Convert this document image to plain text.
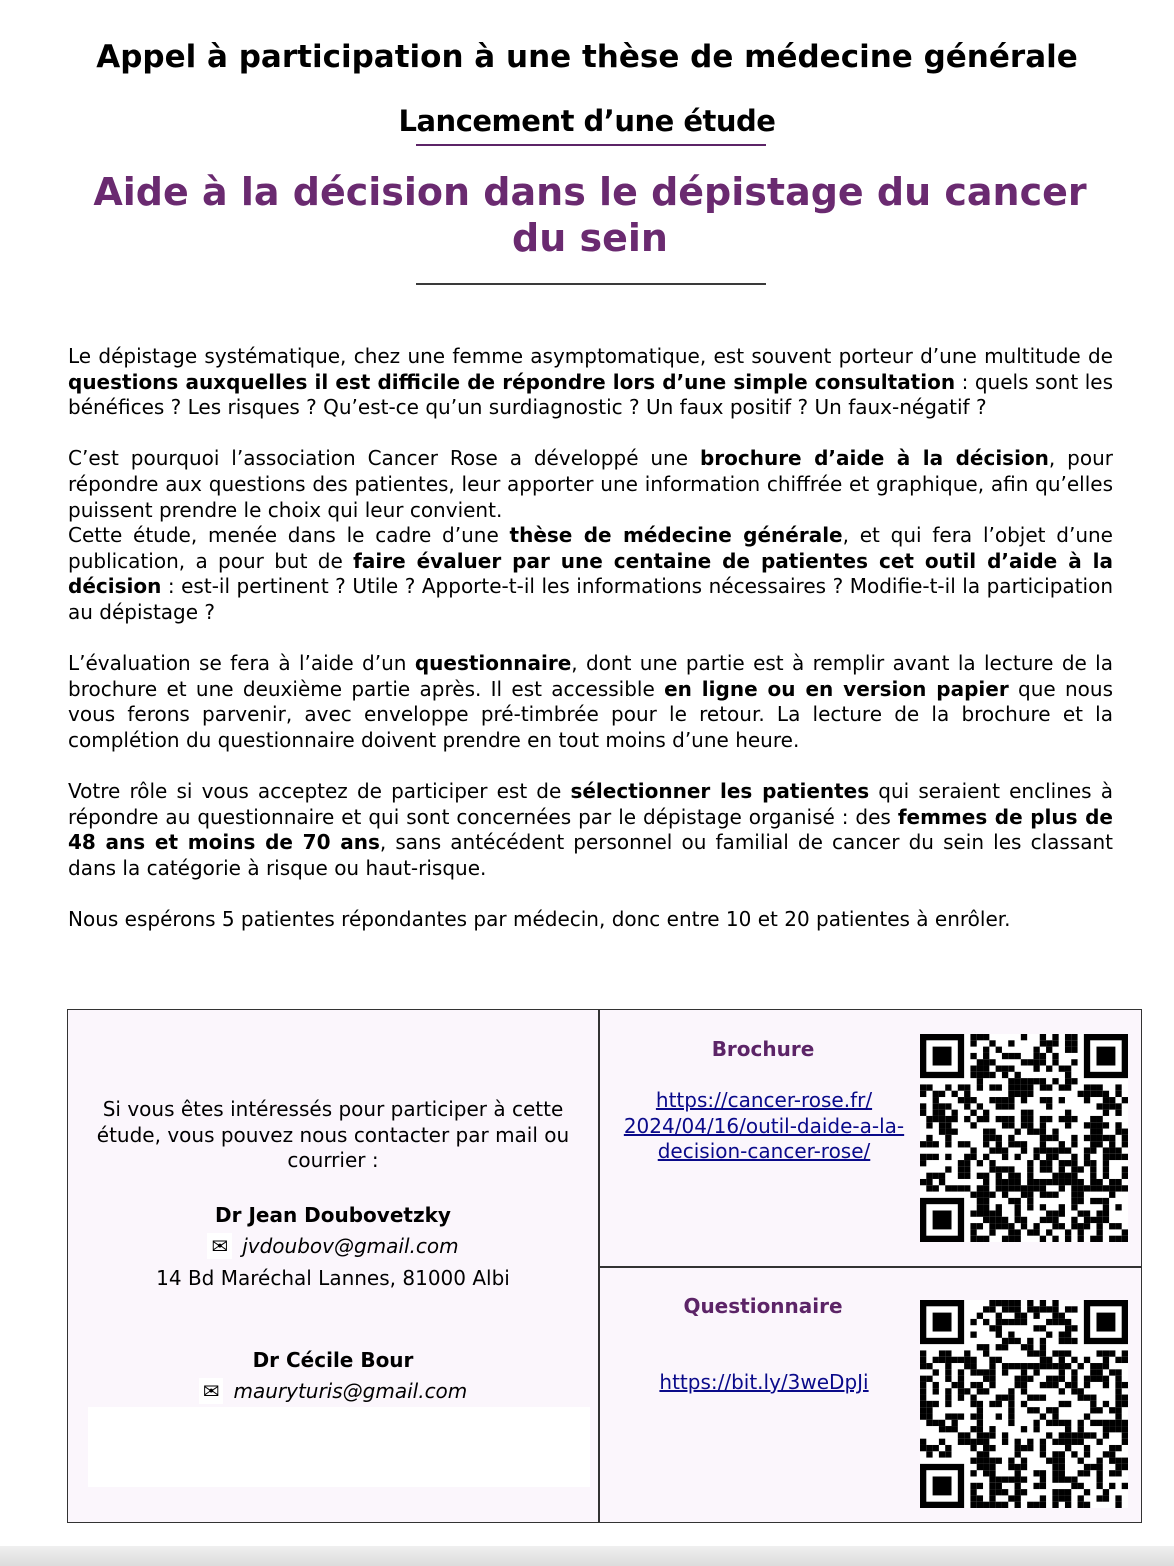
Appel à participation à une thèse de médecine générale
Lancement d’une étude
Aide à la décision dans le dépistage du cancer du sein

Le dépistage systématique, chez une femme asymptomatique, est souvent porteur d’une multitude de questions auxquelles il est difficile de répondre lors d’une simple consultation : quels sont les bénéfices ? Les risques ? Qu’est-ce qu’un surdiagnostic ? Un faux positif ? Un faux-négatif ?

C’est pourquoi l’association Cancer Rose a développé une brochure d’aide à la décision, pour répondre aux questions des patientes, leur apporter une information chiffrée et graphique, afin qu’elles puissent prendre le choix qui leur convient.

Cette étude, menée dans le cadre d’une thèse de médecine générale, et qui fera l’objet d’une publication, a pour but de faire évaluer par une centaine de patientes cet outil d’aide à la décision : est-il pertinent ? Utile ? Apporte-t-il les informations nécessaires ? Modifie-t-il la participation au dépistage ?

L’évaluation se fera à l’aide d’un questionnaire, dont une partie est à remplir avant la lecture de la brochure et une deuxième partie après. Il est accessible en ligne ou en version papier que nous vous ferons parvenir, avec enveloppe pré-timbrée pour le retour. La lecture de la brochure et la complétion du questionnaire doivent prendre en tout moins d’une heure.

Votre rôle si vous acceptez de participer est de sélectionner les patientes qui seraient enclines à répondre au questionnaire et qui sont concernées par le dépistage organisé : des femmes de plus de 48 ans et moins de 70 ans, sans antécédent personnel ou familial de cancer du sein les classant dans la catégorie à risque ou haut-risque.

Nous espérons 5 patientes répondantes par médecin, donc entre 10 et 20 patientes à enrôler.

Si vous êtes intéressés pour participer à cette étude, vous pouvez nous contacter par mail ou courrier :
Dr Jean Doubovetzky
✉ jvdoubov@gmail.com
14 Bd Maréchal Lannes, 81000 Albi
Dr Cécile Bour
✉ mauryturis@gmail.com
Brochure
https://cancer-rose.fr/
2024/04/16/outil-daide-a-la-
decision-cancer-rose/
Questionnaire
https://bit.ly/3weDpJi
